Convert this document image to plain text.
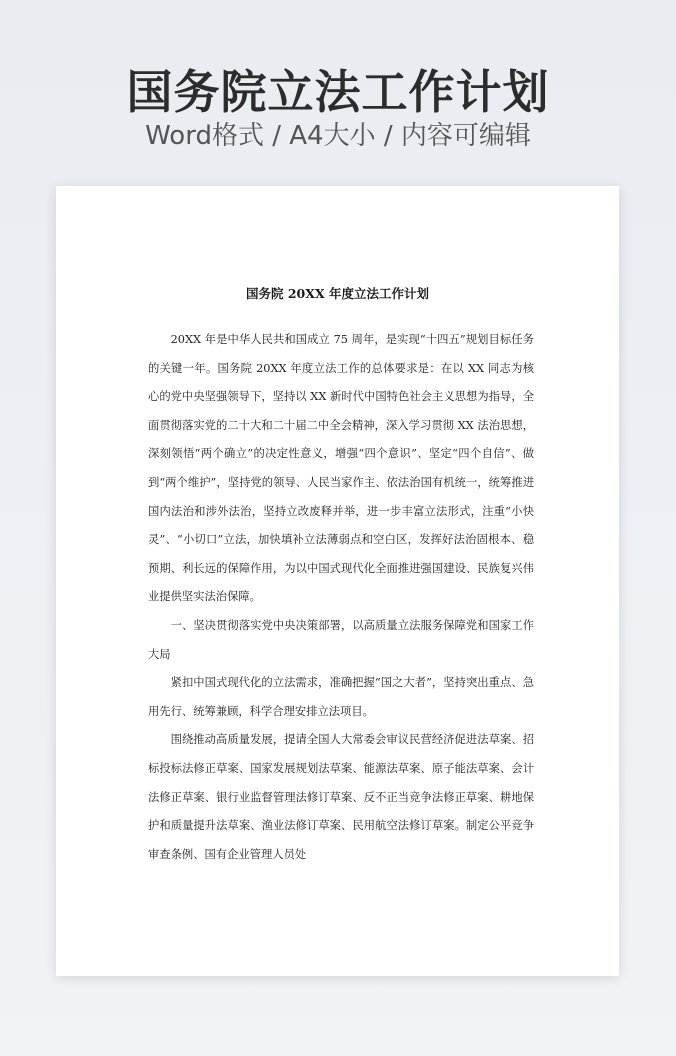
国务院立法工作计划
Word格式 / A4大小 / 内容可编辑
国务院 20XX 年度立法工作计划

20XX 年是中华人民共和国成立 75 周年，是实现“十四五”规划目标任务的关键一年。国务院 20XX 年度立法工作的总体要求是：在以 XX 同志为核心的党中央坚强领导下，坚持以 XX 新时代中国特色社会主义思想为指导，全面贯彻落实党的二十大和二十届二中全会精神，深入学习贯彻 XX 法治思想，深刻领悟“两个确立”的决定性意义，增强“四个意识”、坚定“四个自信”、做到“两个维护”，坚持党的领导、人民当家作主、依法治国有机统一，统筹推进国内法治和涉外法治，坚持立改废释并举，进一步丰富立法形式，注重“小快灵”、“小切口”立法，加快填补立法薄弱点和空白区，发挥好法治固根本、稳预期、利长远的保障作用，为以中国式现代化全面推进强国建设、民族复兴伟业提供坚实法治保障。

一、坚决贯彻落实党中央决策部署，以高质量立法服务保障党和国家工作大局

紧扣中国式现代化的立法需求，准确把握“国之大者”，坚持突出重点、急用先行、统筹兼顾，科学合理安排立法项目。

围绕推动高质量发展，提请全国人大常委会审议民营经济促进法草案、招标投标法修正草案、国家发展规划法草案、能源法草案、原子能法草案、会计法修正草案、银行业监督管理法修订草案、反不正当竞争法修正草案、耕地保护和质量提升法草案、渔业法修订草案、民用航空法修订草案。制定公平竞争审查条例、国有企业管理人员处
